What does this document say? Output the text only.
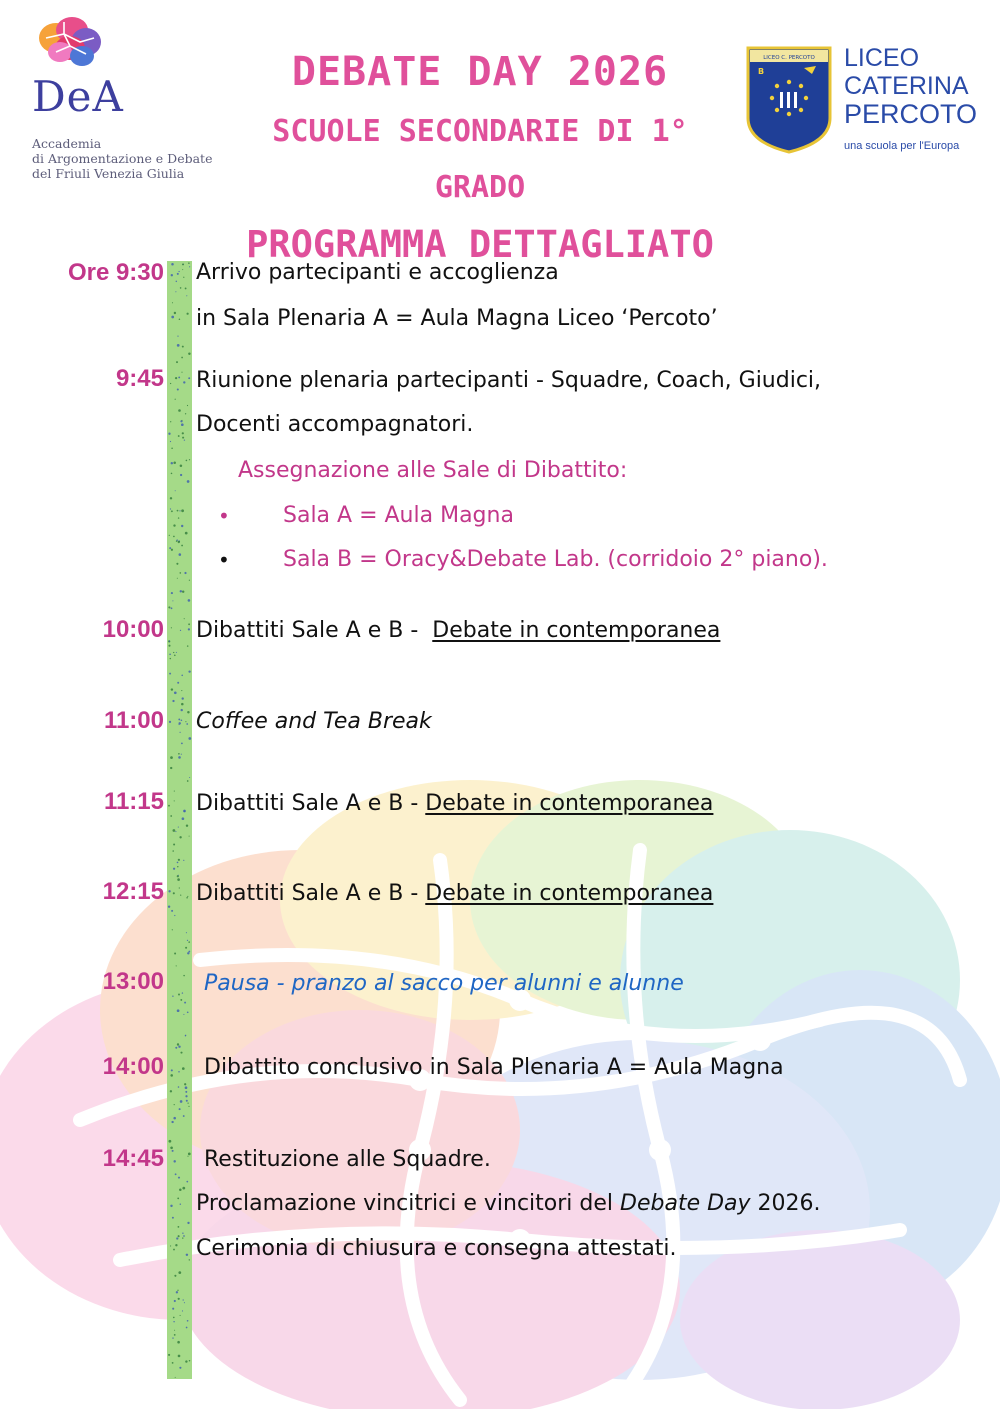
DeA
Accademia
di Argomentazione e Debate
del Friuli Venezia Giulia
DEBATE DAY 2026
SCUOLE SECONDARIE DI 1° GRADO
PROGRAMMA DETTAGLIATO
LICEO C. PERCOTO
B	LICEO
CATERINA
PERCOTO
una scuola per l'Europa
Ore 9:30 Arrivo partecipanti e accoglienza
in Sala Plenaria A = Aula Magna Liceo ‘Percoto’
9:45 Riunione plenaria partecipanti - Squadre, Coach, Giudici,
Docenti accompagnatori.
Assegnazione alle Sale di Dibattito:
• Sala A = Aula Magna
• Sala B = Oracy&Debate Lab. (corridoio 2° piano).
10:00 Dibattiti Sale A e B -  Debate in contemporanea
11:00 Coffee and Tea Break
11:15 Dibattiti Sale A e B - Debate in contemporanea
12:15 Dibattiti Sale A e B - Debate in contemporanea
13:00 Pausa - pranzo al sacco per alunni e alunne
14:00 Dibattito conclusivo in Sala Plenaria A = Aula Magna
14:45 Restituzione alle Squadre.
Proclamazione vincitrici e vincitori del Debate Day 2026.
Cerimonia di chiusura e consegna attestati.
